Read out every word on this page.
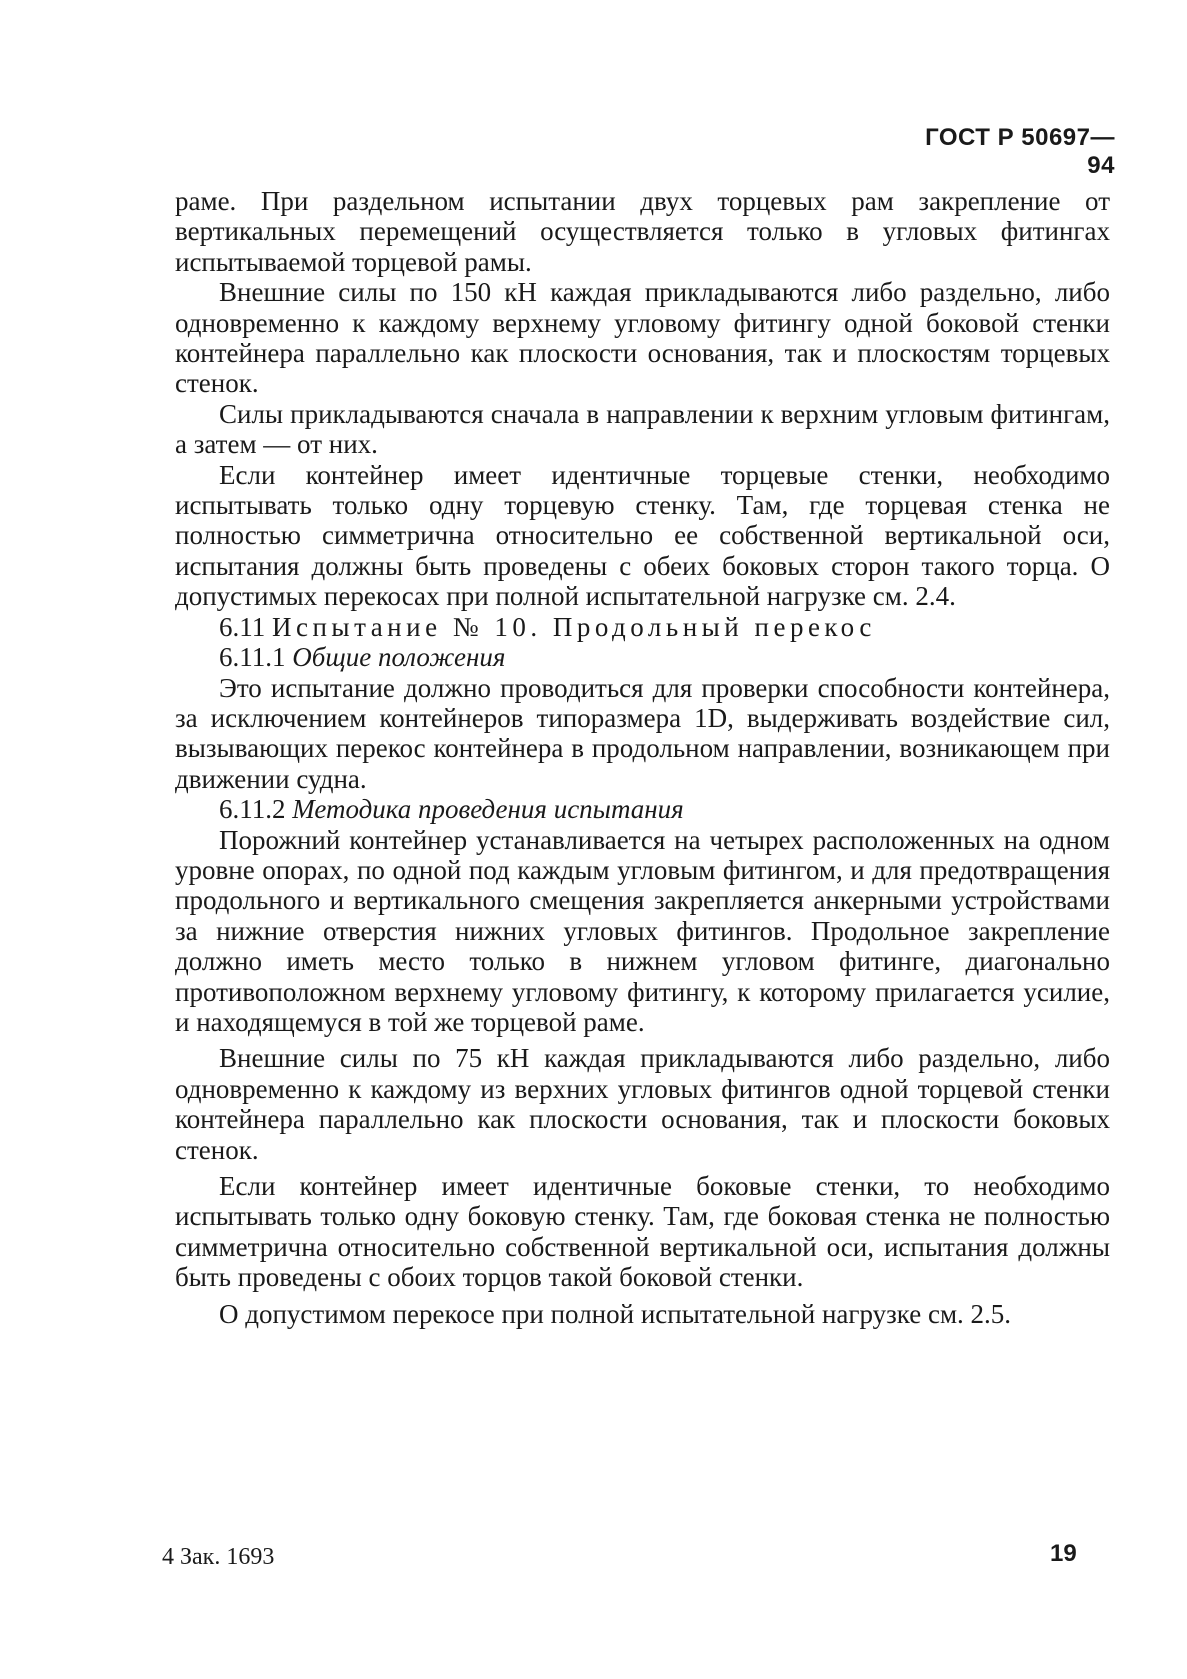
ГОСТ Р 50697—94

раме. При раздельном испытании двух торцевых рам закрепление от вертикальных перемещений осуществляется только в угловых фитингах испытываемой торцевой рамы.

Внешние силы по 150 кН каждая прикладываются либо раздельно, либо одновременно к каждому верхнему угловому фитингу одной боковой стенки контейнера параллельно как плоскости основания, так и плоскостям торцевых стенок.

Силы прикладываются сначала в направлении к верхним угловым фитингам, а затем — от них.

Если контейнер имеет идентичные торцевые стенки, необходимо испытывать только одну торцевую стенку. Там, где торцевая стенка не полностью симметрична относительно ее собственной вертикальной оси, испытания должны быть проведены с обеих боковых сторон такого торца. О допустимых перекосах при полной испытательной нагрузке см. 2.4.

6.11 Испытание № 10. Продольный перекос

6.11.1 Общие положения

Это испытание должно проводиться для проверки способности контейнера, за исключением контейнеров типоразмера 1D, выдерживать воздействие сил, вызывающих перекос контейнера в продольном направлении, возникающем при движении судна.

6.11.2 Методика проведения испытания

Порожний контейнер устанавливается на четырех расположенных на одном уровне опорах, по одной под каждым угловым фитингом, и для предотвращения продольного и вертикального смещения закрепляется анкерными устройствами за нижние отверстия нижних угловых фитингов. Продольное закрепление должно иметь место только в нижнем угловом фитинге, диагонально противоположном верхнему угловому фитингу, к которому прилагается усилие, и находящемуся в той же торцевой раме.

Внешние силы по 75 кН каждая прикладываются либо раздельно, либо одновременно к каждому из верхних угловых фитингов одной торцевой стенки контейнера параллельно как плоскости основания, так и плоскости боковых стенок.

Если контейнер имеет идентичные боковые стенки, то необходимо испытывать только одну боковую стенку. Там, где боковая стенка не полностью симметрична относительно собственной вертикальной оси, испытания должны быть проведены с обоих торцов такой боковой стенки.

О допустимом перекосе при полной испытательной нагрузке см. 2.5.

4 Зак. 1693	19
